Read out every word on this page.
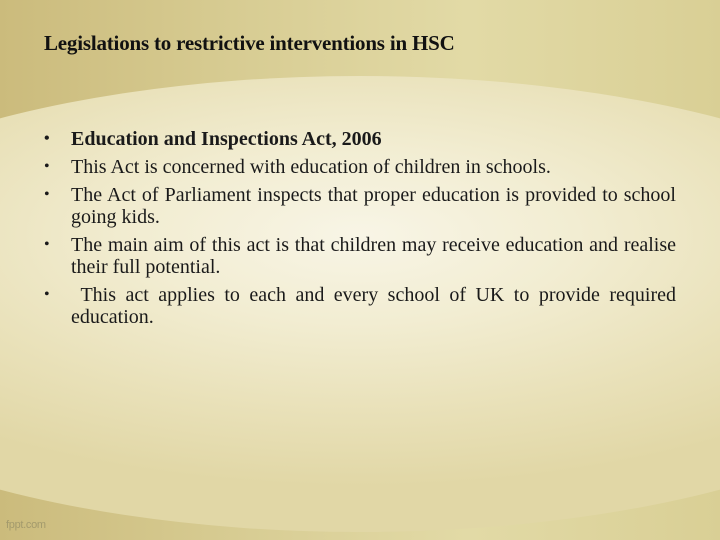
Legislations to restrictive interventions in HSC
• Education and Inspections Act, 2006
• This Act is concerned with education of children in schools.
• The Act of Parliament inspects that proper education is provided to school going kids.
• The main aim of this act is that children may receive education and realise their full potential.
• This act applies to each and every school of UK to provide required education.
fppt.com
